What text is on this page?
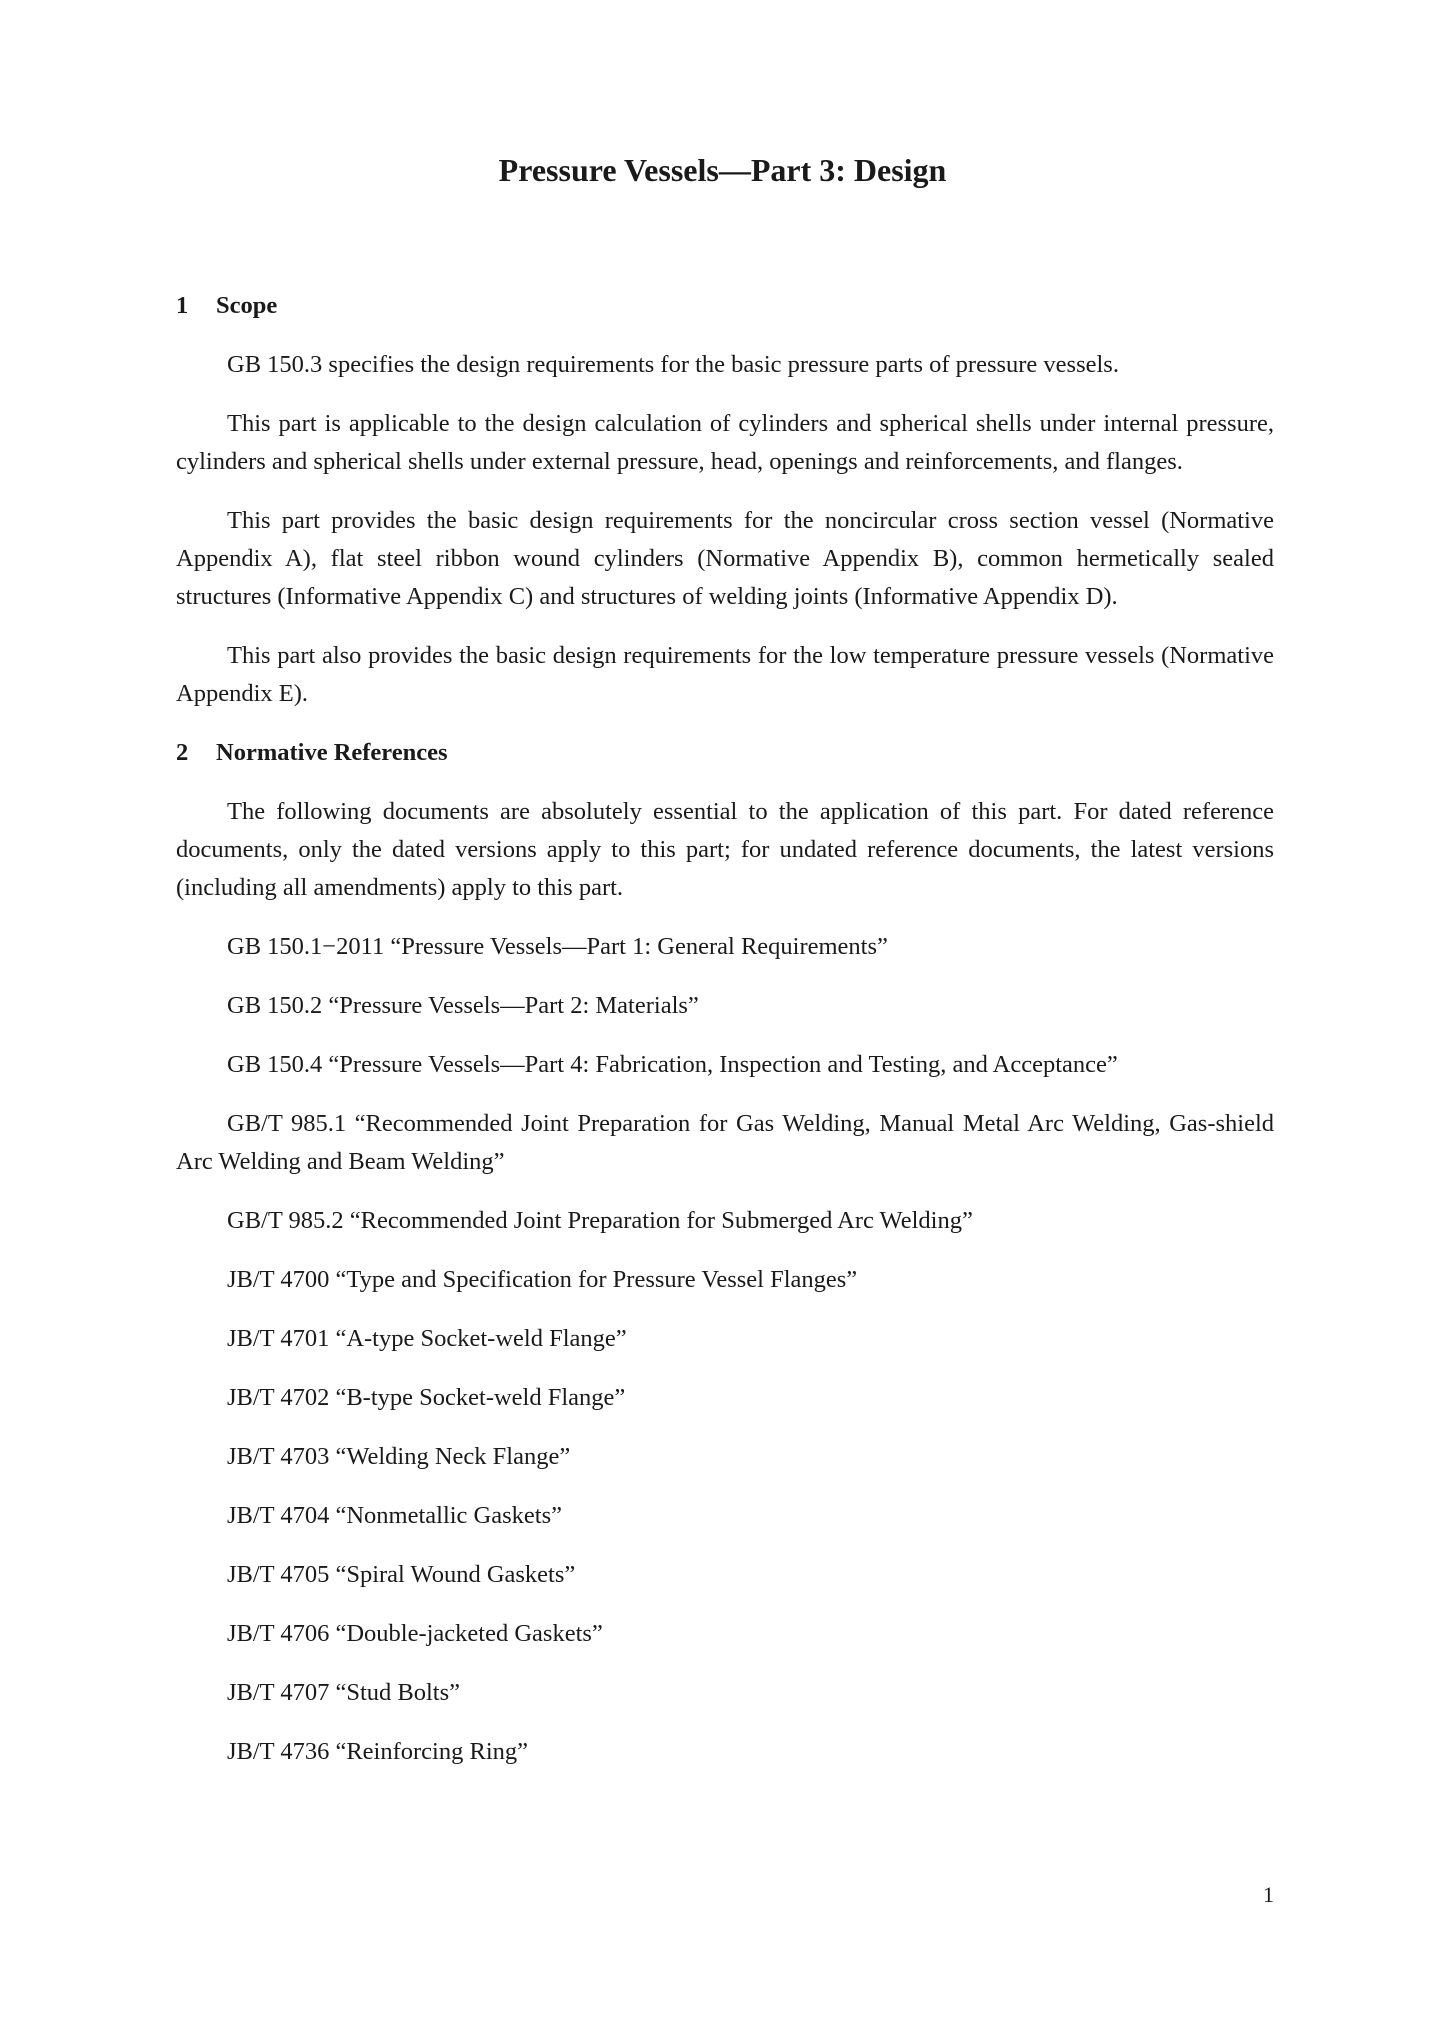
Pressure Vessels—Part 3: Design
1 Scope

GB 150.3 specifies the design requirements for the basic pressure parts of pressure vessels.

This part is applicable to the design calculation of cylinders and spherical shells under internal pressure, cylinders and spherical shells under external pressure, head, openings and reinforcements, and flanges.

This part provides the basic design requirements for the noncircular cross section vessel (Normative Appendix A), flat steel ribbon wound cylinders (Normative Appendix B), common hermetically sealed structures (Informative Appendix C) and structures of welding joints (Informative Appendix D).

This part also provides the basic design requirements for the low temperature pressure vessels (Normative Appendix E).

2 Normative References

The following documents are absolutely essential to the application of this part. For dated reference documents, only the dated versions apply to this part; for undated reference documents, the latest versions (including all amendments) apply to this part.

GB 150.1−2011 “Pressure Vessels—Part 1: General Requirements”

GB 150.2 “Pressure Vessels—Part 2: Materials”

GB 150.4 “Pressure Vessels—Part 4: Fabrication, Inspection and Testing, and Acceptance”

GB/T 985.1 “Recommended Joint Preparation for Gas Welding, Manual Metal Arc Welding, Gas-shield Arc Welding and Beam Welding”

GB/T 985.2 “Recommended Joint Preparation for Submerged Arc Welding”

JB/T 4700 “Type and Specification for Pressure Vessel Flanges”

JB/T 4701 “A-type Socket-weld Flange”

JB/T 4702 “B-type Socket-weld Flange”

JB/T 4703 “Welding Neck Flange”

JB/T 4704 “Nonmetallic Gaskets”

JB/T 4705 “Spiral Wound Gaskets”

JB/T 4706 “Double-jacketed Gaskets”

JB/T 4707 “Stud Bolts”

JB/T 4736 “Reinforcing Ring”

1
